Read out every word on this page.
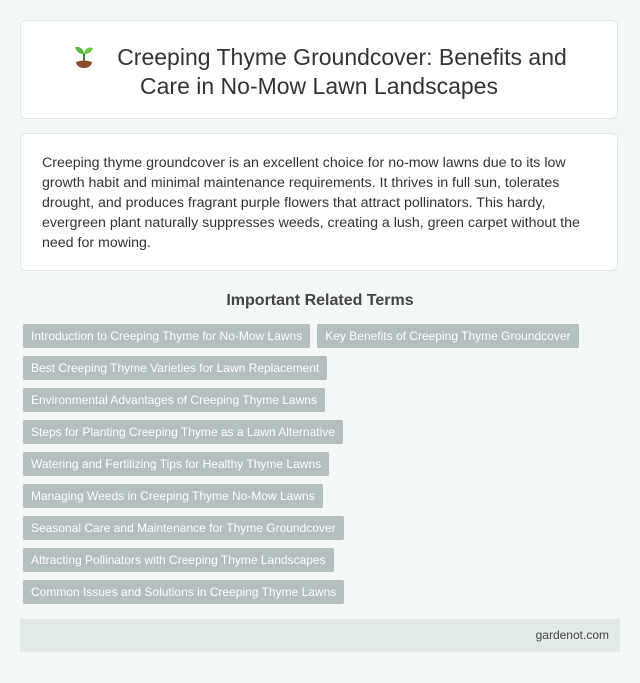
Creeping Thyme Groundcover: Benefits and
Care in No-Mow Lawn Landscapes

Creeping thyme groundcover is an excellent choice for no-mow lawns due to its low growth habit and minimal maintenance requirements. It thrives in full sun, tolerates drought, and produces fragrant purple flowers that attract pollinators. This hardy, evergreen plant naturally suppresses weeds, creating a lush, green carpet without the need for mowing.

Important Related Terms
Introduction to Creeping Thyme for No-Mow Lawns	Key Benefits of Creeping Thyme Groundcover
Best Creeping Thyme Varieties for Lawn Replacement
Environmental Advantages of Creeping Thyme Lawns
Steps for Planting Creeping Thyme as a Lawn Alternative
Watering and Fertilizing Tips for Healthy Thyme Lawns
Managing Weeds in Creeping Thyme No-Mow Lawns
Seasonal Care and Maintenance for Thyme Groundcover
Attracting Pollinators with Creeping Thyme Landscapes
Common Issues and Solutions in Creeping Thyme Lawns
gardenot.com
